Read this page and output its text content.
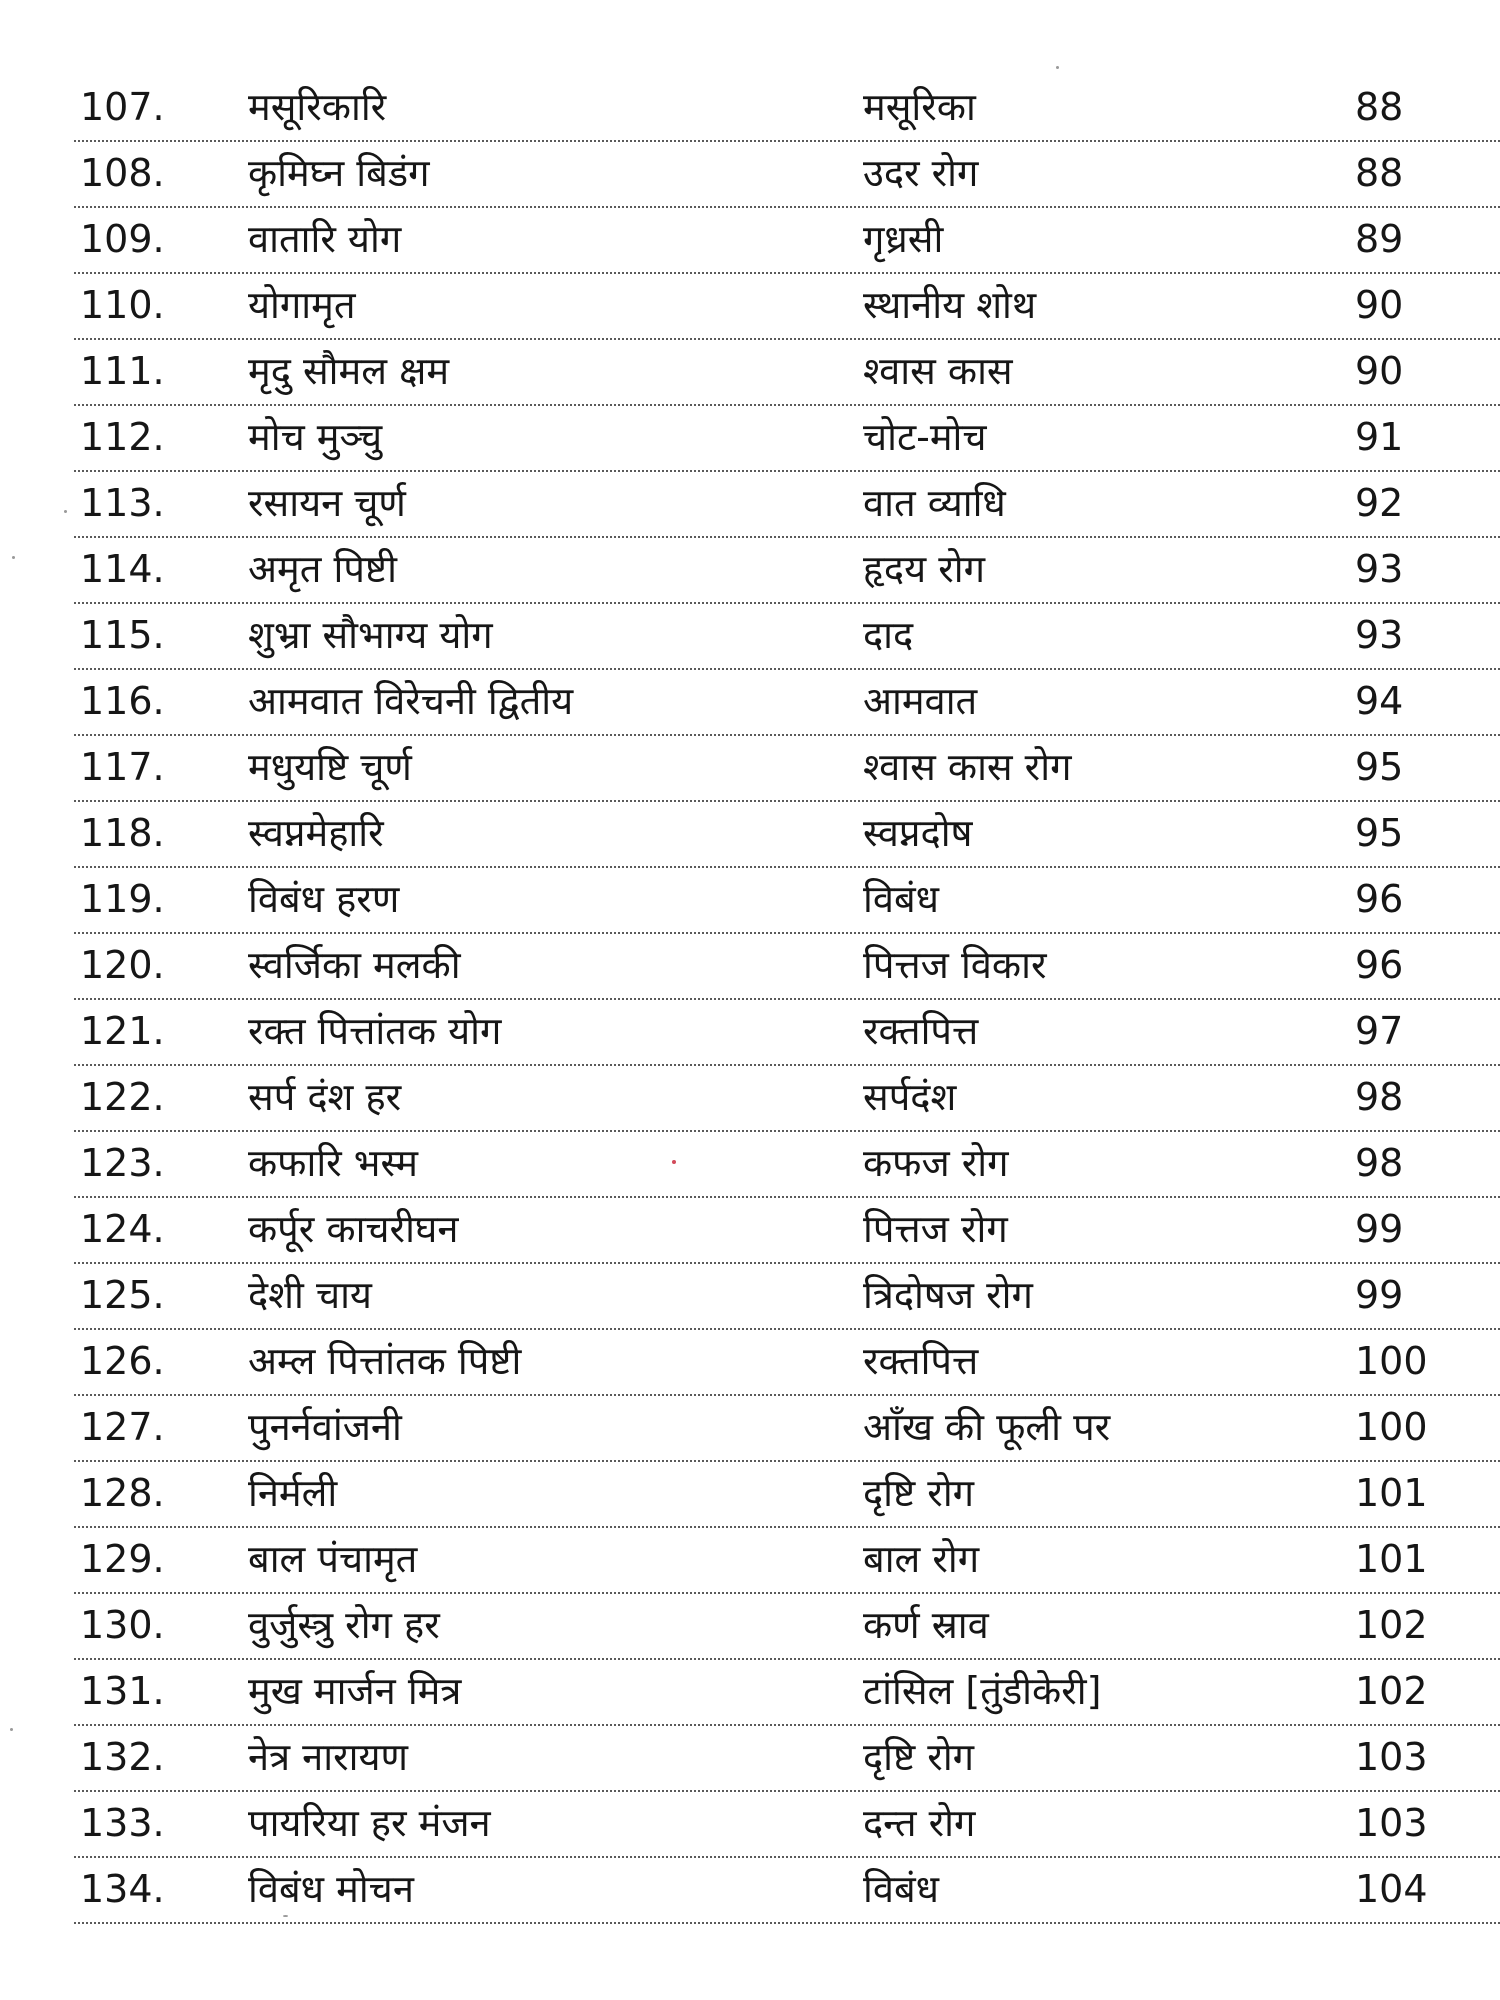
107. मसूरिकारि	मसूरिका	88
108. कृमिघ्न बिडंग	उदर रोग	88
109. वातारि योग	गृध्रसी	89
110. योगामृत	स्थानीय शोथ	90
111. मृदु सौमल क्षम	श्वास कास	90
112. मोच मुञ्चु	चोट-मोच	91
113. रसायन चूर्ण	वात व्याधि	92
114. अमृत पिष्टी	हृदय रोग	93
115. शुभ्रा सौभाग्य योग	दाद	93
116. आमवात विरेचनी द्वितीय	आमवात	94
117. मधुयष्टि चूर्ण	श्वास कास रोग	95
118. स्वप्नमेहारि	स्वप्नदोष	95
119. विबंध हरण	विबंध	96
120. स्वर्जिका मलकी	पित्तज विकार	96
121. रक्त पित्तांतक योग	रक्तपित्त	97
122. सर्प दंश हर	सर्पदंश	98
123. कफारि भस्म	कफज रोग	98
124. कर्पूर काचरीघन	पित्तज रोग	99
125. देशी चाय	त्रिदोषज रोग	99
126. अम्ल पित्तांतक पिष्टी	रक्तपित्त	100
127. पुनर्नवांजनी	आँख की फूली पर	100
128. निर्मली	दृष्टि रोग	101
129. बाल पंचामृत	बाल रोग	101
130. वुर्जुस्त्रु रोग हर	कर्ण स्राव	102
131. मुख मार्जन मित्र	टांसिल [तुंडीकेरी]	102
132. नेत्र नारायण	दृष्टि रोग	103
133. पायरिया हर मंजन	दन्त रोग	103
134. विबंध मोचन	विबंध	104
